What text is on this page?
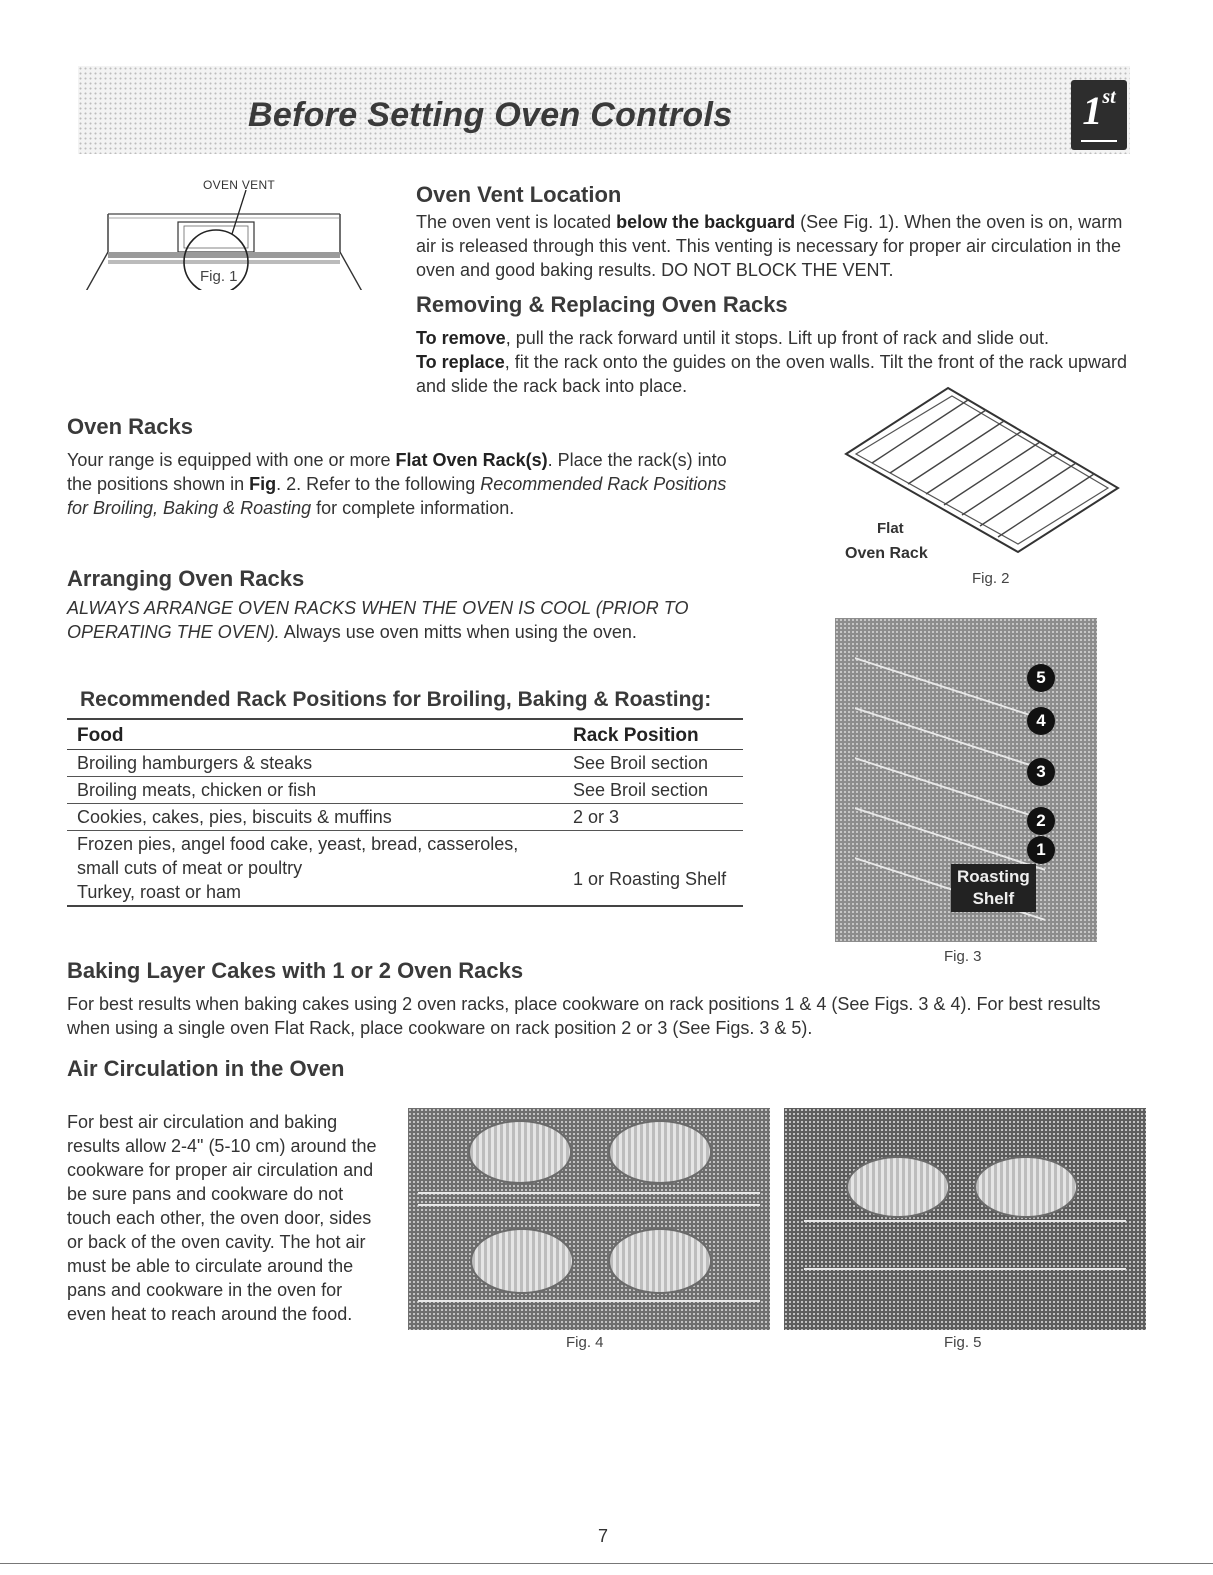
Before Setting Oven Controls	1st
OVEN VENT
Fig. 1
Oven Vent Location

The oven vent is located below the backguard (See Fig. 1). When the oven is on, warm air is released through this vent. This venting is necessary for proper air circulation in the oven and good baking results. DO NOT BLOCK THE VENT.

Removing & Replacing Oven Racks

To remove, pull the rack forward until it stops. Lift up front of rack and slide out.

To replace, fit the rack onto the guides on the oven walls. Tilt the front of the rack upward and slide the rack back into place.

Oven Racks

Your range is equipped with one or more Flat Oven Rack(s). Place the rack(s) into the positions shown in Fig. 2. Refer to the following Recommended Rack Positions for Broiling, Baking & Roasting for complete information.

Flat
Oven Rack
Fig. 2
Arranging Oven Racks

ALWAYS ARRANGE OVEN RACKS WHEN THE OVEN IS COOL (PRIOR TO OPERATING THE OVEN). Always use oven mitts when using the oven.

Recommended Rack Positions for Broiling, Baking & Roasting:
Food	Rack Position
Broiling hamburgers & steaks	See Broil section
Broiling meats, chicken or fish	See Broil section
Cookies, cakes, pies, biscuits & muffins	2 or 3

Frozen pies, angel food cake, yeast, bread, casseroles,
small cuts of meat or poultry
Turkey, roast or ham	1 or Roasting Shelf
5
4
3
2
1
Roasting
Shelf
Fig. 3
Baking Layer Cakes with 1 or 2 Oven Racks

For best results when baking cakes using 2 oven racks, place cookware on rack positions 1 & 4 (See Figs. 3 & 4). For best results when using a single oven Flat Rack, place cookware on rack position 2 or 3 (See Figs. 3 & 5).

Air Circulation in the Oven

For best air circulation and baking results allow 2-4" (5-10 cm) around the cookware for proper air circulation and be sure pans and cookware do not touch each other, the oven door, sides or back of the oven cavity. The hot air must be able to circulate around the pans and cookware in the oven for even heat to reach around the food.

Fig. 4	Fig. 5
7
